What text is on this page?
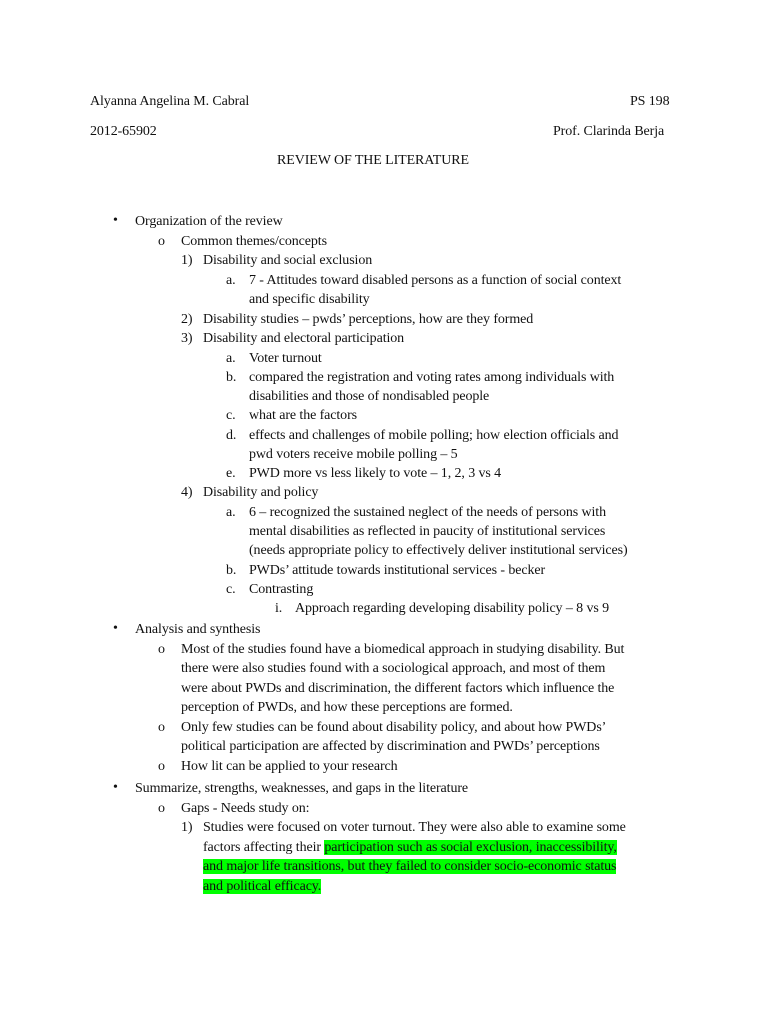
Alyanna Angelina M. Cabral	PS 198
2012-65902	Prof. Clarinda Berja
REVIEW OF THE LITERATURE
• Organization of the review
o Common themes/concepts
1) Disability and social exclusion
a. 7 - Attitudes toward disabled persons as a function of social context
and specific disability
2) Disability studies – pwds’ perceptions, how are they formed
3) Disability and electoral participation
a. Voter turnout
b. compared the registration and voting rates among individuals with
disabilities and those of nondisabled people
c. what are the factors
d. effects and challenges of mobile polling; how election officials and
pwd voters receive mobile polling – 5
e. PWD more vs less likely to vote – 1, 2, 3 vs 4
4) Disability and policy
a. 6 – recognized the sustained neglect of the needs of persons with
mental disabilities as reflected in paucity of institutional services
(needs appropriate policy to effectively deliver institutional services)
b. PWDs’ attitude towards institutional services - becker
c. Contrasting
i. Approach regarding developing disability policy – 8 vs 9
• Analysis and synthesis
o Most of the studies found have a biomedical approach in studying disability. But
there were also studies found with a sociological approach, and most of them
were about PWDs and discrimination, the different factors which influence the
perception of PWDs, and how these perceptions are formed.
o Only few studies can be found about disability policy, and about how PWDs’
political participation are affected by discrimination and PWDs’ perceptions
o How lit can be applied to your research
• Summarize, strengths, weaknesses, and gaps in the literature
o Gaps - Needs study on:
1) Studies were focused on voter turnout. They were also able to examine some
factors affecting their participation such as social exclusion, inaccessibility,
and major life transitions, but they failed to consider socio-economic status
and political efficacy.
